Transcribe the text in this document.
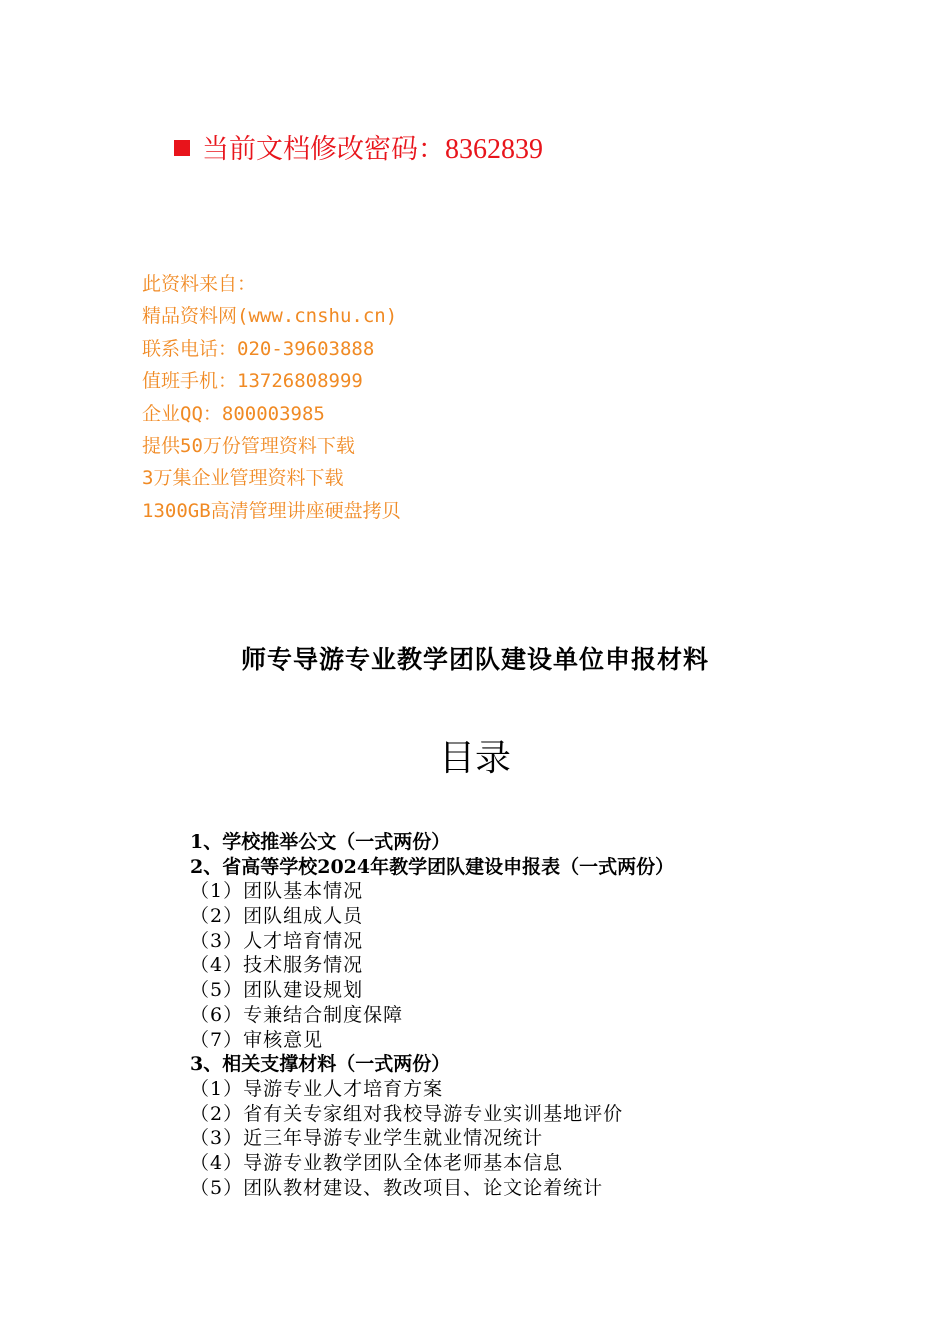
当前文档修改密码：8362839
此资料来自：
精品资料网(www.cnshu.cn)
联系电话：020-39603888
值班手机：13726808999
企业QQ：800003985
提供50万份管理资料下载
3万集企业管理资料下载
1300GB高清管理讲座硬盘拷贝
师专导游专业教学团队建设单位申报材料
目录
1、学校推举公文（一式两份）
2、省高等学校2024年教学团队建设申报表（一式两份）
（1）团队基本情况
（2）团队组成人员
（3）人才培育情况
（4）技术服务情况
（5）团队建设规划
（6）专兼结合制度保障
（7）审核意见
3、相关支撑材料（一式两份）
（1）导游专业人才培育方案
（2）省有关专家组对我校导游专业实训基地评价
（3）近三年导游专业学生就业情况统计
（4）导游专业教学团队全体老师基本信息
（5）团队教材建设、教改项目、论文论着统计
